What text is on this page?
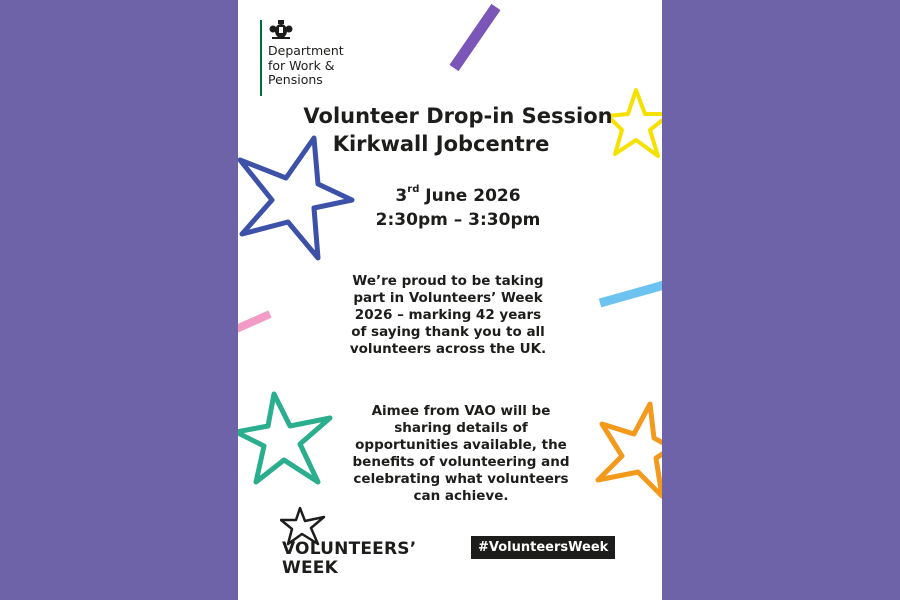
Department
for Work &
Pensions
Volunteer Drop-in Session
Kirkwall Jobcentre
3rd June 2026
2:30pm – 3:30pm
We’re proud to be taking part in Volunteers’ Week 2026 – marking 42 years of saying thank you to all volunteers across the UK.
Aimee from VAO will be sharing details of opportunities available, the benefits of volunteering and celebrating what volunteers can achieve.
VOLUNTEERS’
WEEK
#VolunteersWeek
